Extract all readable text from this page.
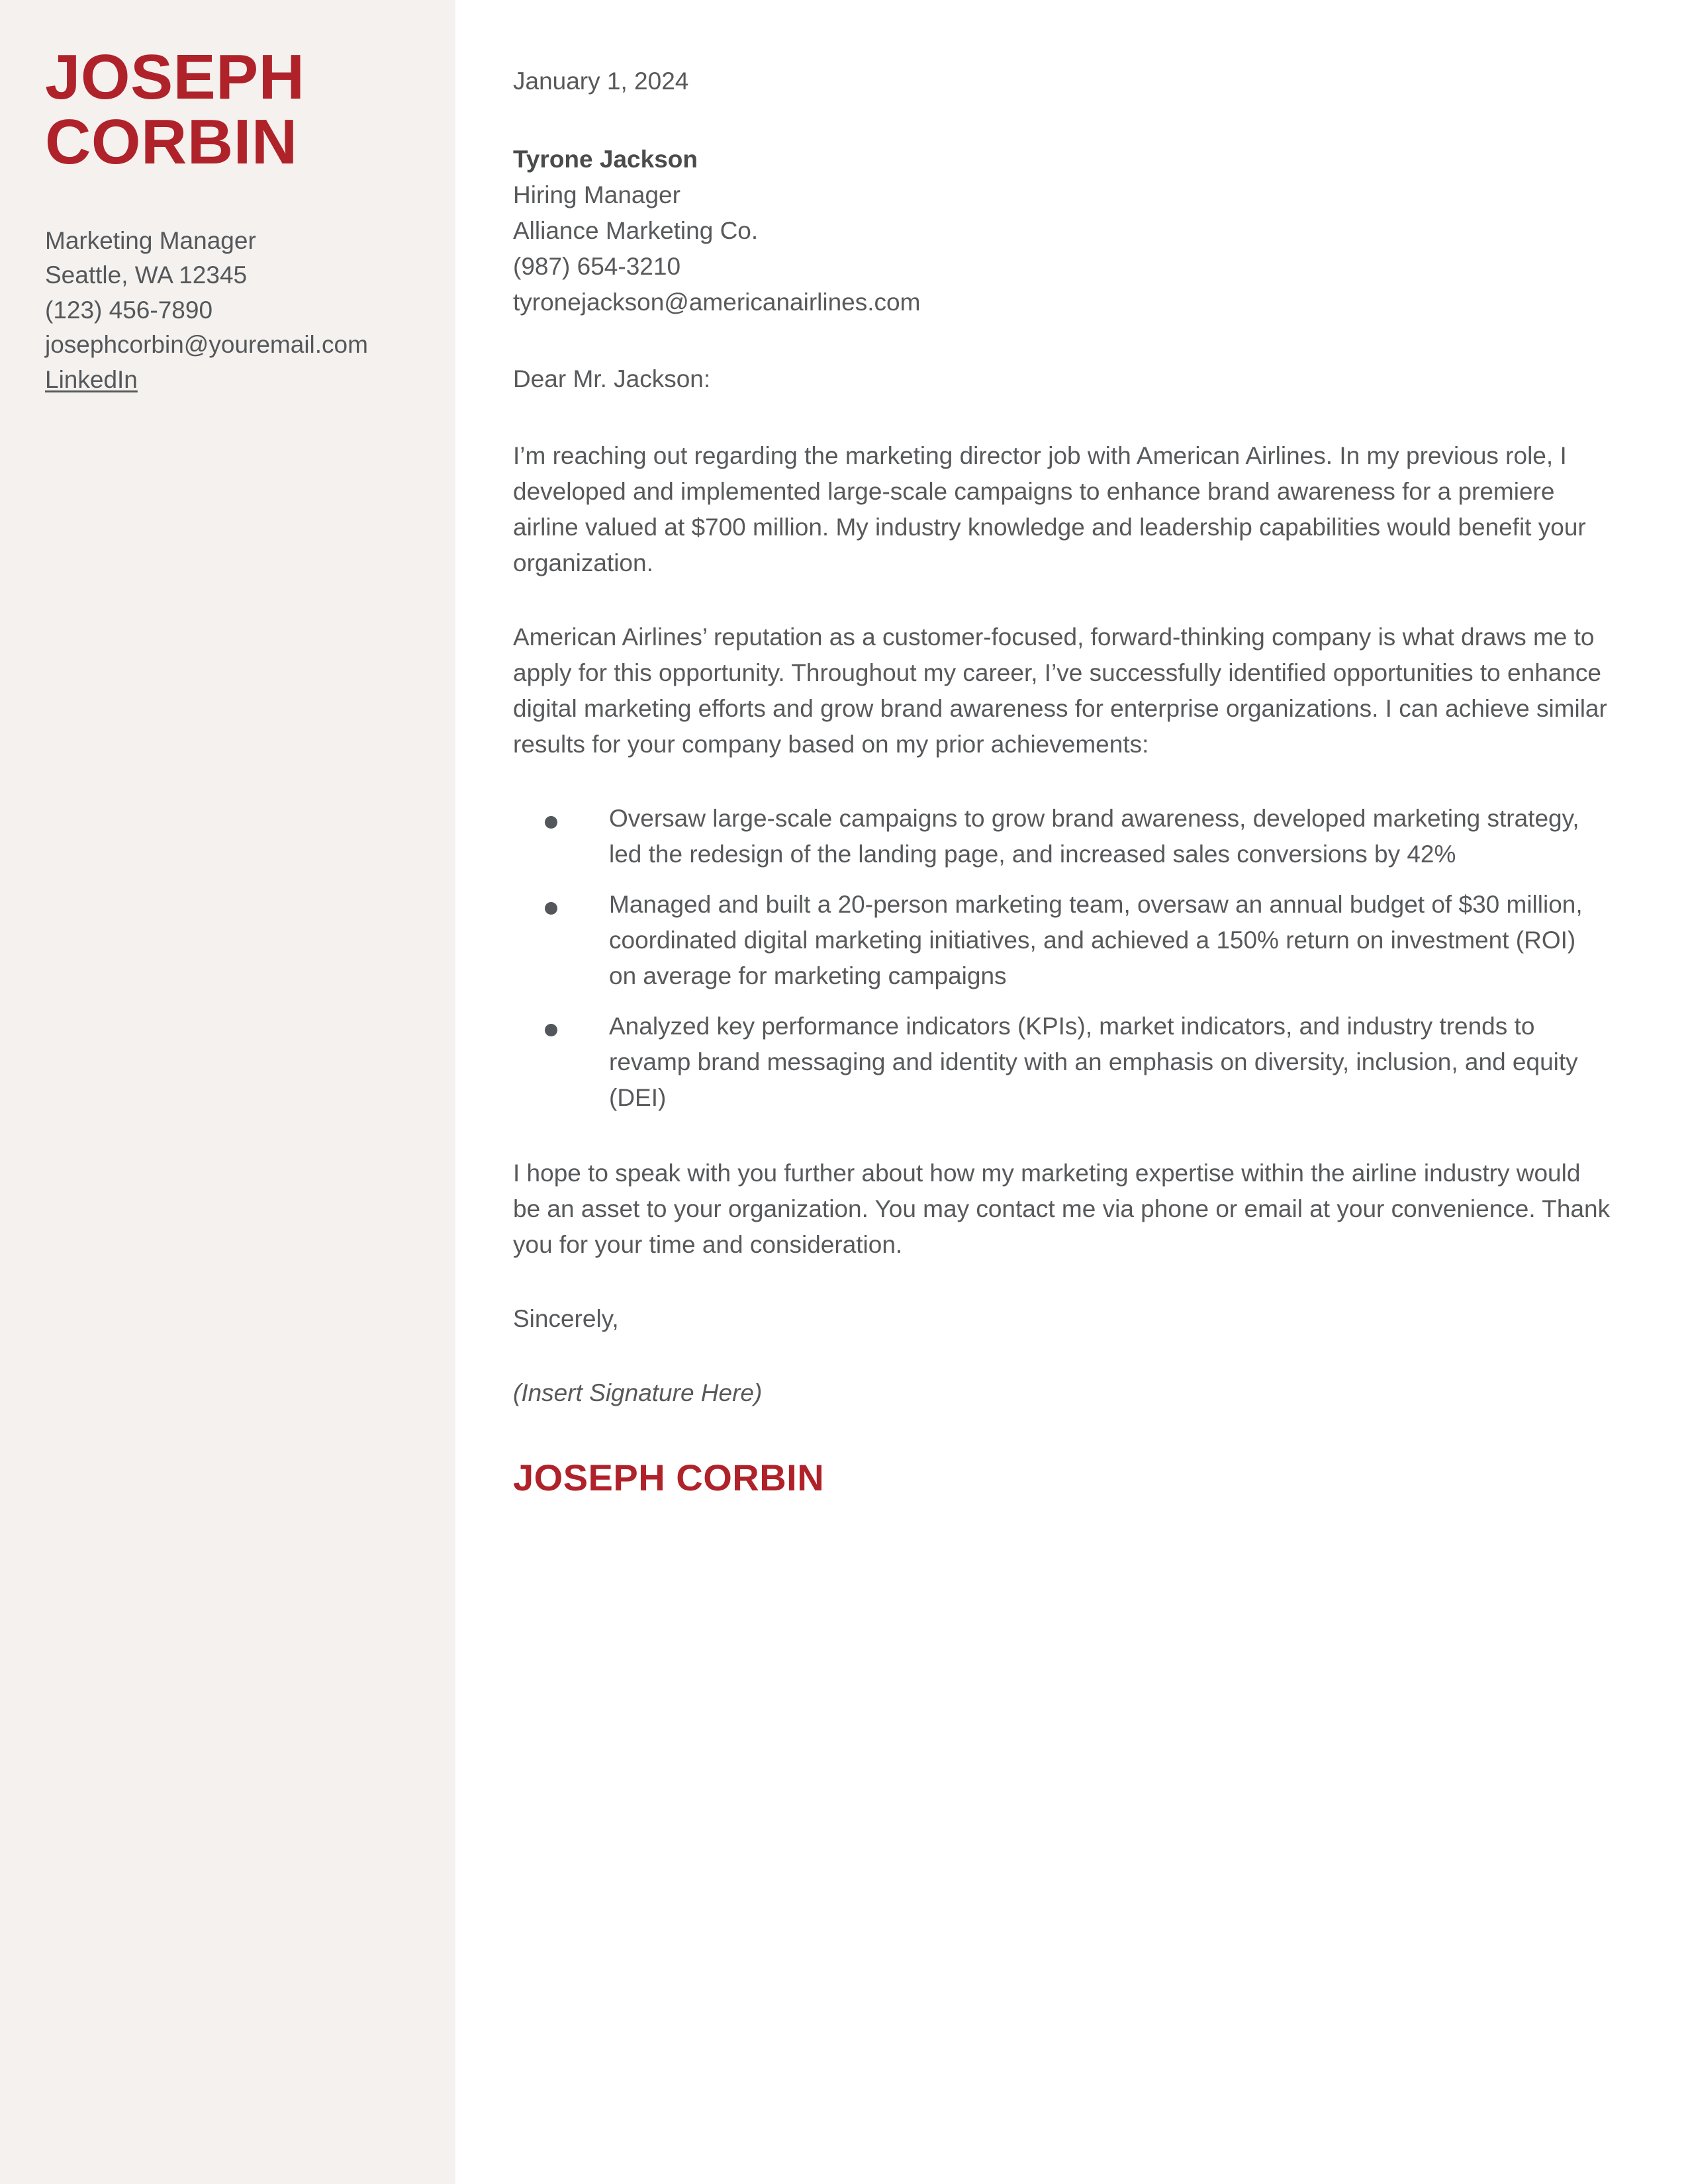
JOSEPH
CORBIN
Marketing Manager
Seattle, WA 12345
(123) 456-7890
josephcorbin@youremail.com
LinkedIn
January 1, 2024
Tyrone Jackson
Hiring Manager
Alliance Marketing Co.
(987) 654-3210
tyronejackson@americanairlines.com
Dear Mr. Jackson:

I’m reaching out regarding the marketing director job with American Airlines. In my previous role, I developed and implemented large-scale campaigns to enhance brand awareness for a premiere airline valued at $700 million. My industry knowledge and leadership capabilities would benefit your organization.

American Airlines’ reputation as a customer-focused, forward-thinking company is what draws me to apply for this opportunity. Throughout my career, I’ve successfully identified opportunities to enhance digital marketing efforts and grow brand awareness for enterprise organizations. I can achieve similar results for your company based on my prior achievements:

Oversaw large-scale campaigns to grow brand awareness, developed marketing strategy, led the redesign of the landing page, and increased sales conversions by 42%
Managed and built a 20-person marketing team, oversaw an annual budget of $30 million, coordinated digital marketing initiatives, and achieved a 150% return on investment (ROI) on average for marketing campaigns
Analyzed key performance indicators (KPIs), market indicators, and industry trends to revamp brand messaging and identity with an emphasis on diversity, inclusion, and equity (DEI)

I hope to speak with you further about how my marketing expertise within the airline industry would be an asset to your organization. You may contact me via phone or email at your convenience. Thank you for your time and consideration.

Sincerely,
(Insert Signature Here)
JOSEPH CORBIN
